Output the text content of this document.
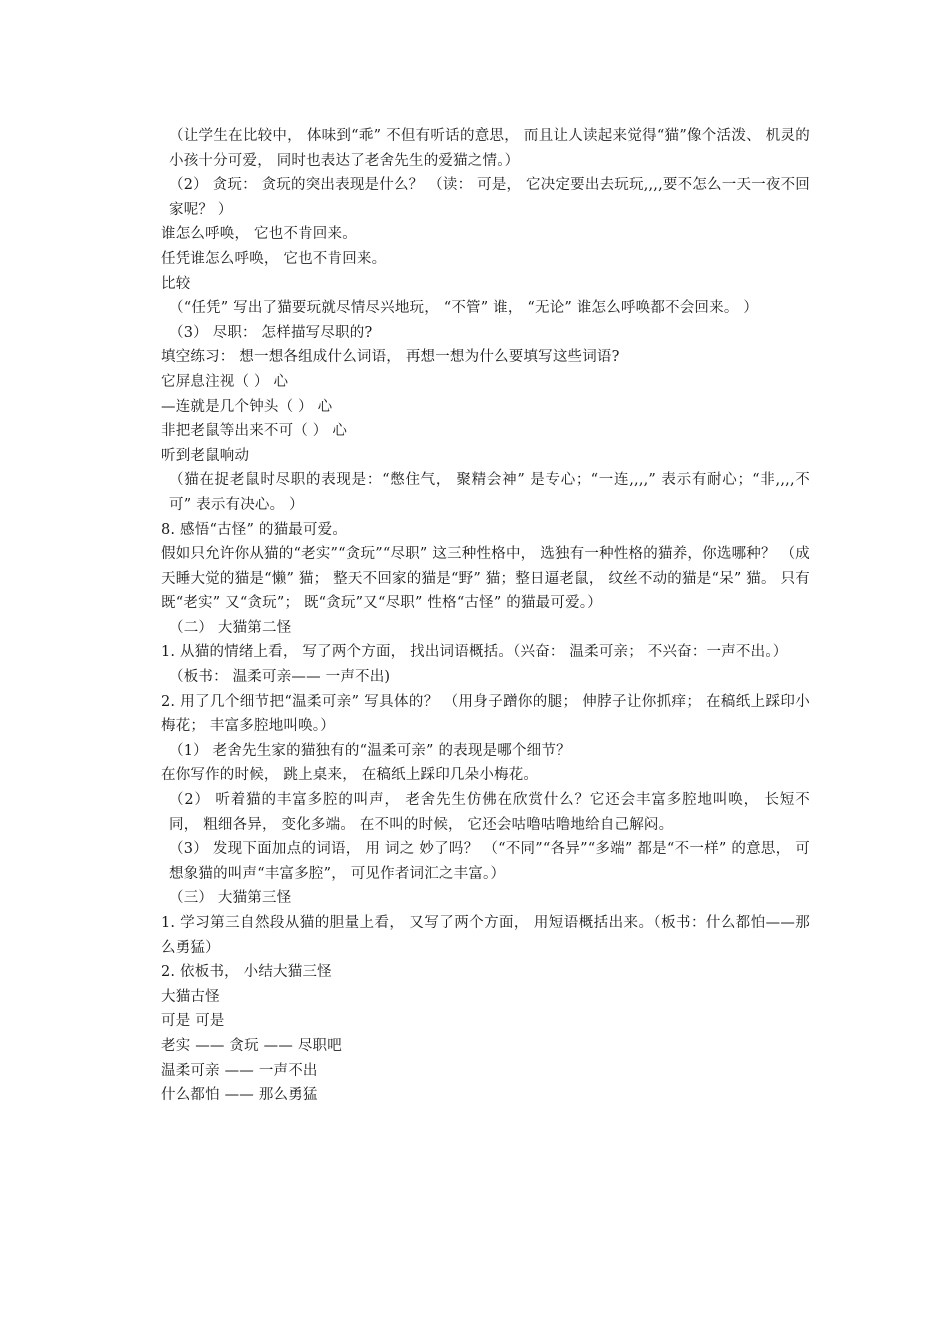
（让学生在比较中， 体味到“乖” 不但有听话的意思， 而且让人读起来觉得“猫”像个活泼、 机灵的小孩十分可爱， 同时也表达了老舍先生的爱猫之情。）
（2） 贪玩： 贪玩的突出表现是什么？ （读： 可是， 它决定要出去玩玩,,,,要不怎么一天一夜不回家呢？ ）
谁怎么呼唤， 它也不肯回来。
任凭谁怎么呼唤， 它也不肯回来。
比较
（“任凭” 写出了猫要玩就尽情尽兴地玩， “不管” 谁， “无论” 谁怎么呼唤都不会回来。 ）
（3） 尽职： 怎样描写尽职的?
填空练习： 想一想各组成什么词语， 再想一想为什么要填写这些词语?
它屏息注视（ ） 心
—连就是几个钟头（ ） 心
非把老鼠等出来不可（ ） 心
听到老鼠响动
（猫在捉老鼠时尽职的表现是：“憋住气， 聚精会神” 是专心；“一连,,,,” 表示有耐心；“非,,,,不可” 表示有决心。 ）
8. 感悟“古怪” 的猫最可爱。
假如只允许你从猫的“老实”“贪玩”“尽职” 这三种性格中， 选独有一种性格的猫养，你选哪种？ （成天睡大觉的猫是“懒” 猫； 整天不回家的猫是“野” 猫；整日逼老鼠， 纹丝不动的猫是“呆” 猫。 只有既“老实” 又“贪玩”； 既“贪玩”又“尽职” 性格“古怪” 的猫最可爱。）
（二） 大猫第二怪
1. 从猫的情绪上看， 写了两个方面， 找出词语概括。（兴奋： 温柔可亲； 不兴奋：一声不出。）
（板书： 温柔可亲—— 一声不出)
2. 用了几个细节把“温柔可亲” 写具体的？ （用身子蹭你的腿； 伸脖子让你抓痒； 在稿纸上踩印小梅花； 丰富多腔地叫唤。）
（1） 老舍先生家的猫独有的“温柔可亲” 的表现是哪个细节？
在你写作的时候， 跳上桌来， 在稿纸上踩印几朵小梅花。
（2） 听着猫的丰富多腔的叫声， 老舍先生仿佛在欣赏什么？它还会丰富多腔地叫唤， 长短不同， 粗细各异， 变化多端。 在不叫的时候， 它还会咕噜咕噜地给自己解闷。
（3） 发现下面加点的词语， 用 词之 妙了吗？ （“不同”“各异”“多端” 都是“不一样” 的意思， 可想象猫的叫声“丰富多腔”， 可见作者词汇之丰富。）
（三） 大猫第三怪
1. 学习第三自然段从猫的胆量上看， 又写了两个方面， 用短语概括出来。（板书：什么都怕——那么勇猛）
2. 依板书， 小结大猫三怪
大猫古怪
可是 可是
老实 —— 贪玩 —— 尽职吧
温柔可亲 —— 一声不出
什么都怕 —— 那么勇猛
